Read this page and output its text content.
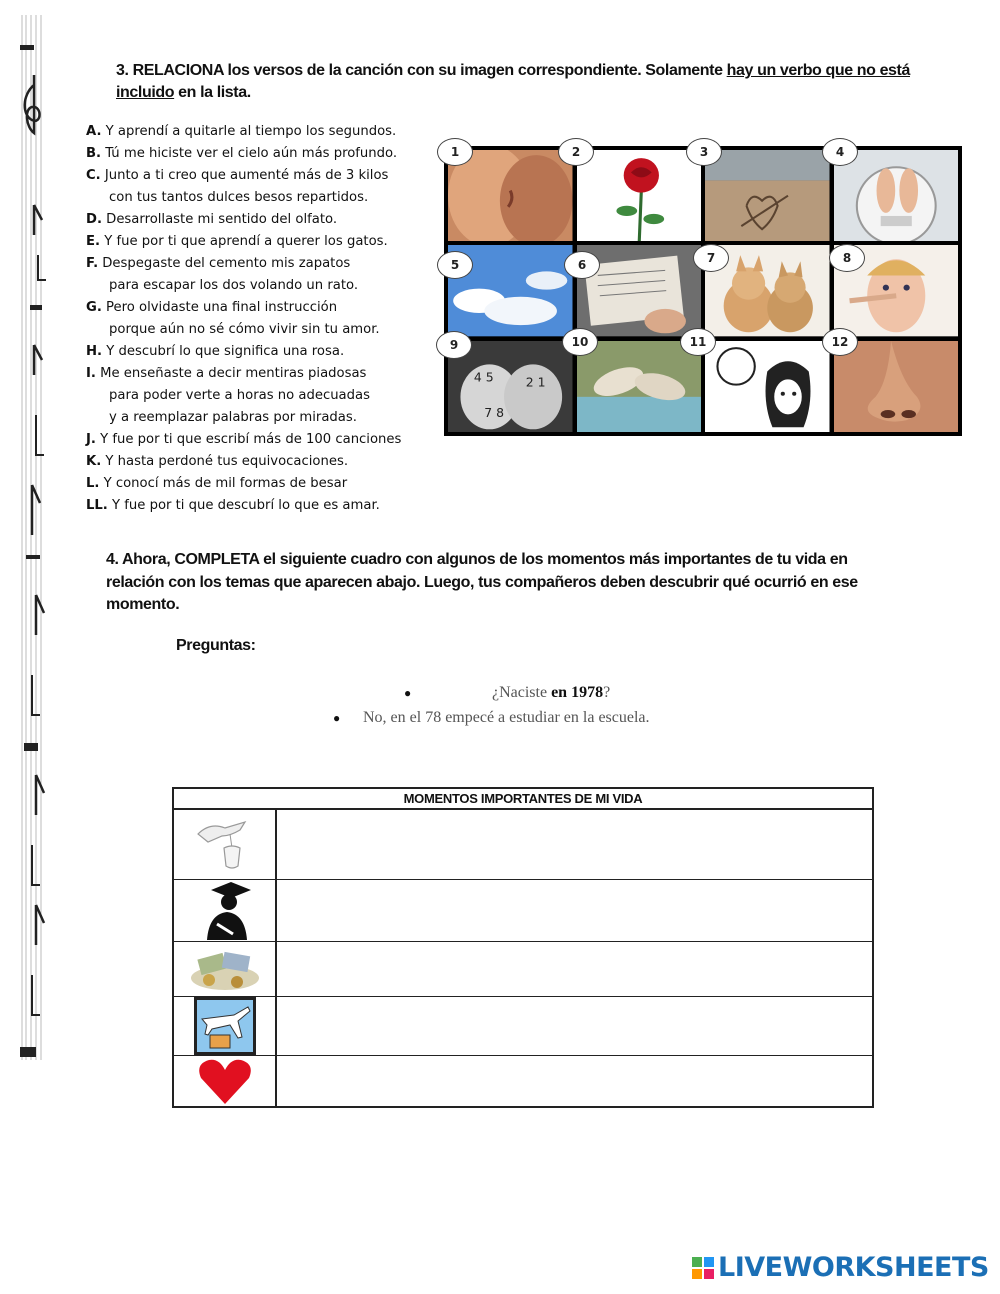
3. RELACIONA los versos de la canción con su imagen correspondiente. Solamente hay un verbo que no está
incluido en la lista.
A. Y aprendí a quitarle al tiempo los segundos.
B. Tú me hiciste ver el cielo aún más profundo.
C. Junto a ti creo que aumenté más de 3 kilos
con tus tantos dulces besos repartidos.
D. Desarrollaste mi sentido del olfato.
E. Y fue por ti que aprendí a querer los gatos.
F. Despegaste del cemento mis zapatos
para escapar los dos volando un rato.
G. Pero olvidaste una final instrucción
porque aún no sé cómo vivir sin tu amor.
H. Y descubrí lo que significa una rosa.
I. Me enseñaste a decir mentiras piadosas
para poder verte a horas no adecuadas
y a reemplazar palabras por miradas.
J. Y fue por ti que escribí más de 100 canciones
K. Y hasta perdoné tus equivocaciones.
L. Y conocí más de mil formas de besar
LL. Y fue por ti que descubrí lo que es amar.
4 5	2 1
7 8
1	2	3	4
5	6	7	8
9	10	11	12
4. Ahora, COMPLETA el siguiente cuadro con algunos de los momentos más importantes de tu vida en relación con los temas que aparecen abajo. Luego, tus compañeros deben descubrir qué ocurrió en ese momento.
Preguntas:
●	¿Naciste en 1978?
● No, en el 78 empecé a estudiar en la escuela.
MOMENTOS IMPORTANTES DE MI VIDA	

LIVEWORKSHEETS
